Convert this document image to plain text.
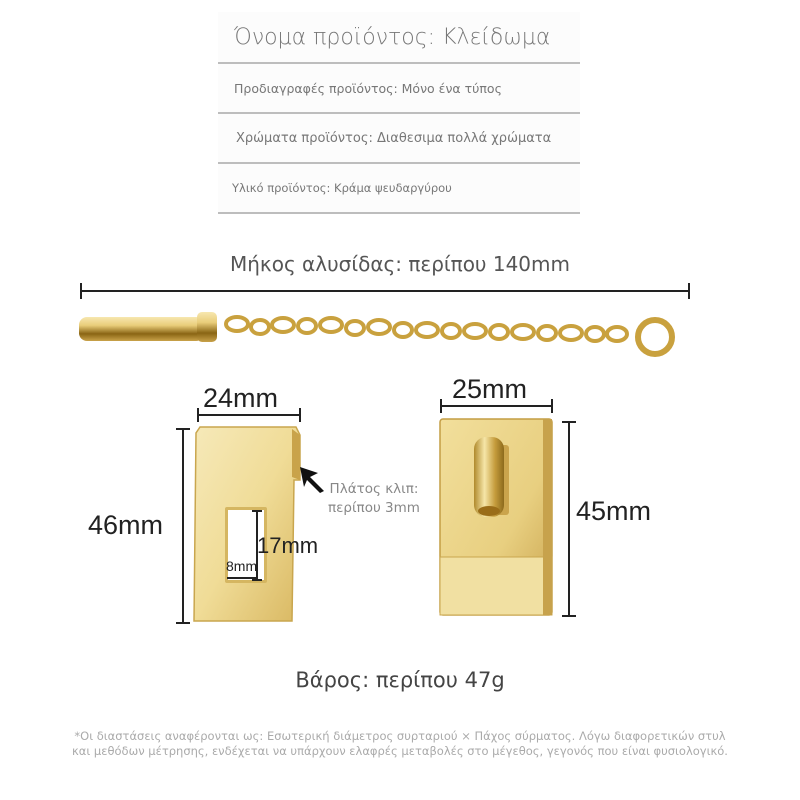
Όνομα προϊόντος: Κλείδωμα
Προδιαγραφές προϊόντος: Μόνο ένα τύπος
Χρώματα προϊόντος: Διαθεσιμα πολλά χρώματα
Υλικό προϊόντος: Κράμα ψευδαργύρου
Μήκος αλυσίδας: περίπου 140mm
24mm
46mm
17mm
8mm
Πλάτος κλιπ:
περίπου 3mm
25mm
45mm
Βάρος: περίπου 47g
*Οι διαστάσεις αναφέρονται ως: Εσωτερική διάμετρος συρταριού × Πάχος σύρματος. Λόγω διαφορετικών στυλ
και μεθόδων μέτρησης, ενδέχεται να υπάρχουν ελαφρές μεταβολές στο μέγεθος, γεγονός που είναι φυσιολογικό.
